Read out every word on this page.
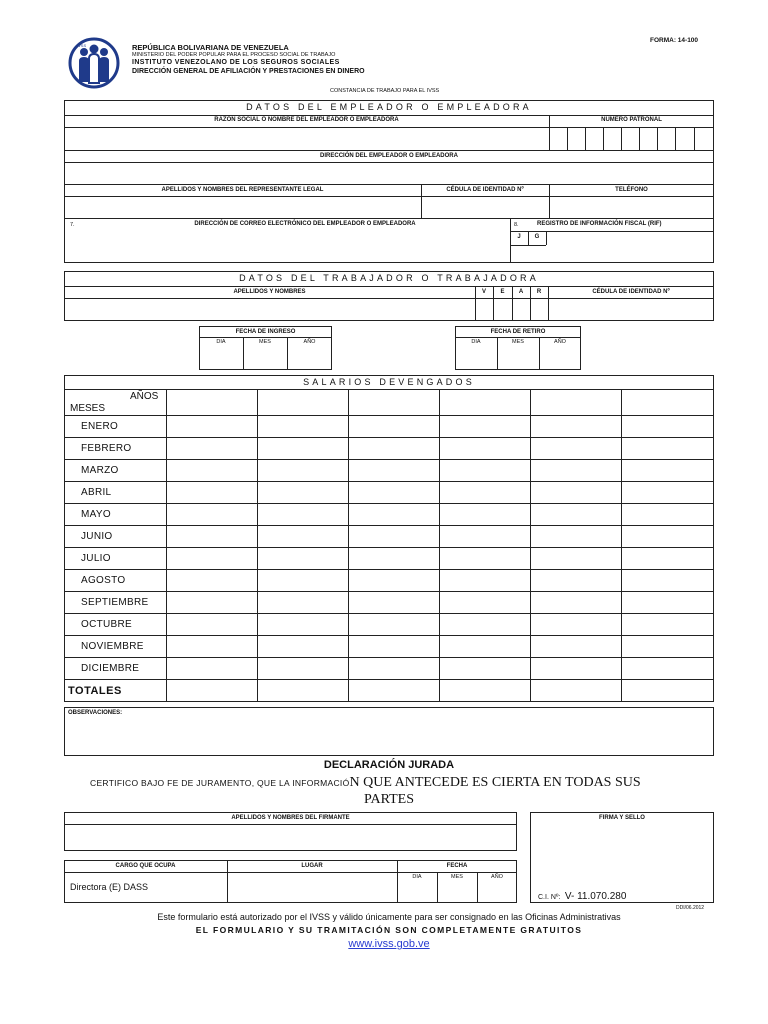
IVSS	REPÚBLICA BOLIVARIANA DE VENEZUELA
MINISTERIO DEL PODER POPULAR PARA EL PROCESO SOCIAL DE TRABAJO
INSTITUTO VENEZOLANO DE LOS SEGUROS SOCIALES
DIRECCIÓN GENERAL DE AFILIACIÓN Y PRESTACIONES EN DINERO
FORMA: 14-100
CONSTANCIA DE TRABAJO PARA EL IVSS
DATOS DEL EMPLEADOR O EMPLEADORA
RAZÓN SOCIAL O NOMBRE DEL EMPLEADOR O EMPLEADORA	NÚMERO PATRONAL
DIRECCIÓN DEL EMPLEADOR O EMPLEADORA
APELLIDOS Y NOMBRES DEL REPRESENTANTE LEGAL	CÉDULA DE IDENTIDAD Nº	TELÉFONO
7.	DIRECCIÓN DE CORREO ELECTRÓNICO DEL EMPLEADOR O EMPLEADORA	8.	REGISTRO DE INFORMACIÓN FISCAL (RIF)
J	G
DATOS DEL TRABAJADOR O TRABAJADORA
APELLIDOS Y NOMBRES	V	E	A	R	CÉDULA DE IDENTIDAD Nº
FECHA DE INGRESO
DIA	MES	AÑO
FECHA DE RETIRO
DIA	MES	AÑO
SALARIOS DEVENGADOS
AÑOS
MESES
ENERO
FEBRERO
MARZO
ABRIL
MAYO
JUNIO
JULIO
AGOSTO
SEPTIEMBRE
OCTUBRE
NOVIEMBRE
DICIEMBRE
TOTALES
OBSERVACIONES:
DECLARACIÓN JURADA
CERTIFICO BAJO FE DE JURAMENTO, QUE LA INFORMACIÓN QUE ANTECEDE ES CIERTA EN TODAS SUS
PARTES
APELLIDOS Y NOMBRES DEL FIRMANTE	FIRMA Y SELLO
C.I. Nº: V- 11.070.280
CARGO QUE OCUPA	LUGAR	FECHA
DIA	MES	AÑO
Directora (E) DASS
DDI/06.2012
Este formulario está autorizado por el IVSS y válido únicamente para ser consignado en las Oficinas Administrativas
EL FORMULARIO Y SU TRAMITACIÓN SON COMPLETAMENTE GRATUITOS
www.ivss.gob.ve
